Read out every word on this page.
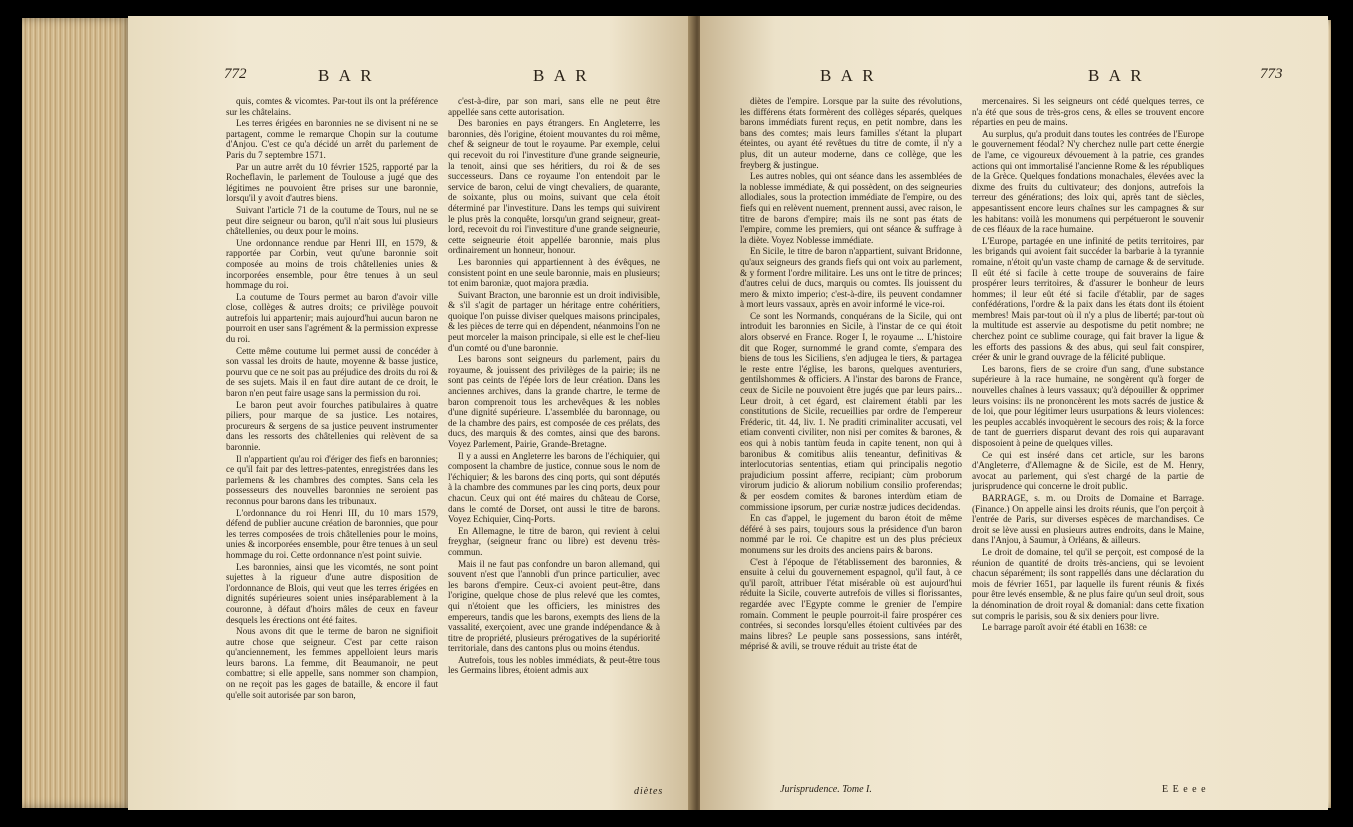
772	B A R	B A R

quis, comtes & vicomtes. Par-tout ils ont la préférence sur les châtelains.

Les terres érigées en baronnies ne se divisent ni ne se partagent, comme le remarque Chopin sur la coutume d'Anjou. C'est ce qu'a décidé un arrêt du parlement de Paris du 7 septembre 1571.

Par un autre arrêt du 10 février 1525, rapporté par la Rocheflavin, le parlement de Toulouse a jugé que des légitimes ne pouvoient être prises sur une baronnie, lorsqu'il y avoit d'autres biens.

Suivant l'article 71 de la coutume de Tours, nul ne se peut dire seigneur ou baron, qu'il n'ait sous lui plusieurs châtellenies, ou deux pour le moins.

Une ordonnance rendue par Henri III, en 1579, & rapportée par Corbin, veut qu'une baronnie soit composée au moins de trois châtellenies unies & incorporées ensemble, pour être tenues à un seul hommage du roi.

La coutume de Tours permet au baron d'avoir ville close, collèges & autres droits; ce privilège pouvoit autrefois lui appartenir; mais aujourd'hui aucun baron ne pourroit en user sans l'agrément & la permission expresse du roi.

Cette même coutume lui permet aussi de concéder à son vassal les droits de haute, moyenne & basse justice, pourvu que ce ne soit pas au préjudice des droits du roi & de ses sujets. Mais il en faut dire autant de ce droit, le baron n'en peut faire usage sans la permission du roi.

Le baron peut avoir fourches patibulaires à quatre piliers, pour marque de sa justice. Les notaires, procureurs & sergens de sa justice peuvent instrumenter dans les ressorts des châtellenies qui relèvent de sa baronnie.

Il n'appartient qu'au roi d'ériger des fiefs en baronnies; ce qu'il fait par des lettres-patentes, enregistrées dans les parlemens & les chambres des comptes. Sans cela les possesseurs des nouvelles baronnies ne seroient pas reconnus pour barons dans les tribunaux.

L'ordonnance du roi Henri III, du 10 mars 1579, défend de publier aucune création de baronnies, que pour les terres composées de trois châtellenies pour le moins, unies & incorporées ensemble, pour être tenues à un seul hommage du roi. Cette ordonnance n'est point suivie.

Les baronnies, ainsi que les vicomtés, ne sont point sujettes à la rigueur d'une autre disposition de l'ordonnance de Blois, qui veut que les terres érigées en dignités supérieures soient unies inséparablement à la couronne, à défaut d'hoirs mâles de ceux en faveur desquels les érections ont été faites.

Nous avons dit que le terme de baron ne signifioit autre chose que seigneur. C'est par cette raison qu'anciennement, les femmes appelloient leurs maris leurs barons. La femme, dit Beaumanoir, ne peut combattre; si elle appelle, sans nommer son champion, on ne reçoit pas les gages de bataille, & encore il faut qu'elle soit autorisée par son baron,

c'est-à-dire, par son mari, sans elle ne peut être appellée sans cette autorisation.

Des baronies en pays étrangers. En Angleterre, les baronnies, dès l'origine, étoient mouvantes du roi même, chef & seigneur de tout le royaume. Par exemple, celui qui recevoit du roi l'investiture d'une grande seigneurie, la tenoit, ainsi que ses héritiers, du roi & de ses successeurs. Dans ce royaume l'on entendoit par le service de baron, celui de vingt chevaliers, de quarante, de soixante, plus ou moins, suivant que cela étoit déterminé par l'investiture. Dans les temps qui suivirent le plus près la conquête, lorsqu'un grand seigneur, great-lord, recevoit du roi l'investiture d'une grande seigneurie, cette seigneurie étoit appellée baronnie, mais plus ordinairement un honneur, honour.

Les baronnies qui appartiennent à des évêques, ne consistent point en une seule baronnie, mais en plusieurs; tot enim baroniæ, quot majora prædia.

Suivant Bracton, une baronnie est un droit indivisible, & s'il s'agit de partager un héritage entre cohéritiers, quoique l'on puisse diviser quelques maisons principales, & les pièces de terre qui en dépendent, néanmoins l'on ne peut morceler la maison principale, si elle est le chef-lieu d'un comté ou d'une baronnie.

Les barons sont seigneurs du parlement, pairs du royaume, & jouissent des privilèges de la pairie; ils ne sont pas ceints de l'épée lors de leur création. Dans les anciennes archives, dans la grande chartre, le terme de baron comprenoit tous les archevêques & les nobles d'une dignité supérieure. L'assemblée du baronnage, ou de la chambre des pairs, est composée de ces prélats, des ducs, des marquis & des comtes, ainsi que des barons. Voyez Parlement, Pairie, Grande-Bretagne.

Il y a aussi en Angleterre les barons de l'échiquier, qui composent la chambre de justice, connue sous le nom de l'échiquier; & les barons des cinq ports, qui sont députés à la chambre des communes par les cinq ports, deux pour chacun. Ceux qui ont été maires du château de Corse, dans le comté de Dorset, ont aussi le titre de barons. Voyez Echiquier, Cinq-Ports.

En Allemagne, le titre de baron, qui revient à celui freyghar, (seigneur franc ou libre) est devenu très-commun.

Mais il ne faut pas confondre un baron allemand, qui souvent n'est que l'annobli d'un prince particulier, avec les barons d'empire. Ceux-ci avoient peut-être, dans l'origine, quelque chose de plus relevé que les comtes, qui n'étoient que les officiers, les ministres des empereurs, tandis que les barons, exempts des liens de la vassalité, exerçoient, avec une grande indépendance & à titre de propriété, plusieurs prérogatives de la supériorité territoriale, dans des cantons plus ou moins étendus.

Autrefois, tous les nobles immédiats, & peut-être tous les Germains libres, étoient admis aux

diètes
B A R	B A R	773

diètes de l'empire. Lorsque par la suite des révolutions, les différens états formèrent des collèges séparés, quelques barons immédiats furent reçus, en petit nombre, dans les bans des comtes; mais leurs familles s'étant la plupart éteintes, ou ayant été revêtues du titre de comte, il n'y a plus, dit un auteur moderne, dans ce collège, que les freyberg & justingue.

Les autres nobles, qui ont séance dans les assemblées de la noblesse immédiate, & qui possèdent, on des seigneuries allodiales, sous la protection immédiate de l'empire, ou des fiefs qui en relèvent nuement, prennent aussi, avec raison, le titre de barons d'empire; mais ils ne sont pas états de l'empire, comme les premiers, qui ont séance & suffrage à la diète. Voyez Noblesse immédiate.

En Sicile, le titre de baron n'appartient, suivant Bridonne, qu'aux seigneurs des grands fiefs qui ont voix au parlement, & y forment l'ordre militaire. Les uns ont le titre de princes; d'autres celui de ducs, marquis ou comtes. Ils jouissent du mero & mixto imperio; c'est-à-dire, ils peuvent condamner à mort leurs vassaux, après en avoir informé le vice-roi.

Ce sont les Normands, conquérans de la Sicile, qui ont introduit les baronnies en Sicile, à l'instar de ce qui étoit alors observé en France. Roger I, le royaume ... L'histoire dit que Roger, surnommé le grand comte, s'empara des biens de tous les Siciliens, s'en adjugea le tiers, & partagea le reste entre l'église, les barons, quelques aventuriers, gentilshommes & officiers. A l'instar des barons de France, ceux de Sicile ne pouvoient être jugés que par leurs pairs... Leur droit, à cet égard, est clairement établi par les constitutions de Sicile, recueillies par ordre de l'empereur Fréderic, tit. 44, liv. 1. Ne praditi criminaliter accusati, vel etiam conventi civiliter, non nisi per comites & barones, & eos qui à nobis tantùm feuda in capite tenent, non qui à baronibus & comitibus aliis teneantur, definitivas & interlocutorias sententias, etiam qui principalis negotio prajudicium possint afferre, recipiant; cùm proborum virorum judicio & aliorum nobilium consilio proferendas; & per eosdem comites & barones interdùm etiam de commissione ipsorum, per curiæ nostræ judices decidendas.

En cas d'appel, le jugement du baron étoit de même déféré à ses pairs, toujours sous la présidence d'un baron nommé par le roi. Ce chapitre est un des plus précieux monumens sur les droits des anciens pairs & barons.

C'est à l'époque de l'établissement des baronnies, & ensuite à celui du gouvernement espagnol, qu'il faut, à ce qu'il paroît, attribuer l'état misérable où est aujourd'hui réduite la Sicile, couverte autrefois de villes si florissantes, regardée avec l'Egypte comme le grenier de l'empire romain. Comment le peuple pourroit-il faire prospérer ces contrées, si secondes lorsqu'elles étoient cultivées par des mains libres? Le peuple sans possessions, sans intérêt, méprisé & avili, se trouve réduit au triste état de

mercenaires. Si les seigneurs ont cédé quelques terres, ce n'a été que sous de très-gros cens, & elles se trouvent encore réparties en peu de mains.

Au surplus, qu'a produit dans toutes les contrées de l'Europe le gouvernement féodal? N'y cherchez nulle part cette énergie de l'ame, ce vigoureux dévouement à la patrie, ces grandes actions qui ont immortalisé l'ancienne Rome & les républiques de la Grèce. Quelques fondations monachales, élevées avec la dixme des fruits du cultivateur; des donjons, autrefois la terreur des générations; des loix qui, après tant de siècles, appesantissent encore leurs chaînes sur les campagnes & sur les habitans: voilà les monumens qui perpétueront le souvenir de ces fléaux de la race humaine.

L'Europe, partagée en une infinité de petits territoires, par les brigands qui avoient fait succéder la barbarie à la tyrannie romaine, n'étoit qu'un vaste champ de carnage & de servitude. Il eût été si facile à cette troupe de souverains de faire prospérer leurs territoires, & d'assurer le bonheur de leurs hommes; il leur eût été si facile d'établir, par de sages confédérations, l'ordre & la paix dans les états dont ils étoient membres! Mais par-tout où il n'y a plus de liberté; par-tout où la multitude est asservie au despotisme du petit nombre; ne cherchez point ce sublime courage, qui fait braver la ligue & les efforts des passions & des abus, qui seul fait conspirer, créer & unir le grand ouvrage de la félicité publique.

Les barons, fiers de se croire d'un sang, d'une substance supérieure à la race humaine, ne songèrent qu'à forger de nouvelles chaînes à leurs vassaux; qu'à dépouiller & opprimer leurs voisins: ils ne prononcèrent les mots sacrés de justice & de loi, que pour légitimer leurs usurpations & leurs violences: les peuples accablés invoquèrent le secours des rois; & la force de tant de guerriers disparut devant des rois qui auparavant disposoient à peine de quelques villes.

Ce qui est inséré dans cet article, sur les barons d'Angleterre, d'Allemagne & de Sicile, est de M. Henry, avocat au parlement, qui s'est chargé de la partie de jurisprudence qui concerne le droit public.

BARRAGE, s. m. ou Droits de Domaine et Barrage. (Finance.) On appelle ainsi les droits réunis, que l'on perçoit à l'entrée de Paris, sur diverses espèces de marchandises. Ce droit se lève aussi en plusieurs autres endroits, dans le Maine, dans l'Anjou, à Saumur, à Orléans, & ailleurs.

Le droit de domaine, tel qu'il se perçoit, est composé de la réunion de quantité de droits très-anciens, qui se levoient chacun séparément; ils sont rappellés dans une déclaration du mois de février 1651, par laquelle ils furent réunis & fixés pour être levés ensemble, & ne plus faire qu'un seul droit, sous la dénomination de droit royal & domanial: dans cette fixation sut compris le parisis, sou & six deniers pour livre.

Le barrage paroît avoir été établi en 1638: ce

Jurisprudence. Tome I.	E E e e e
